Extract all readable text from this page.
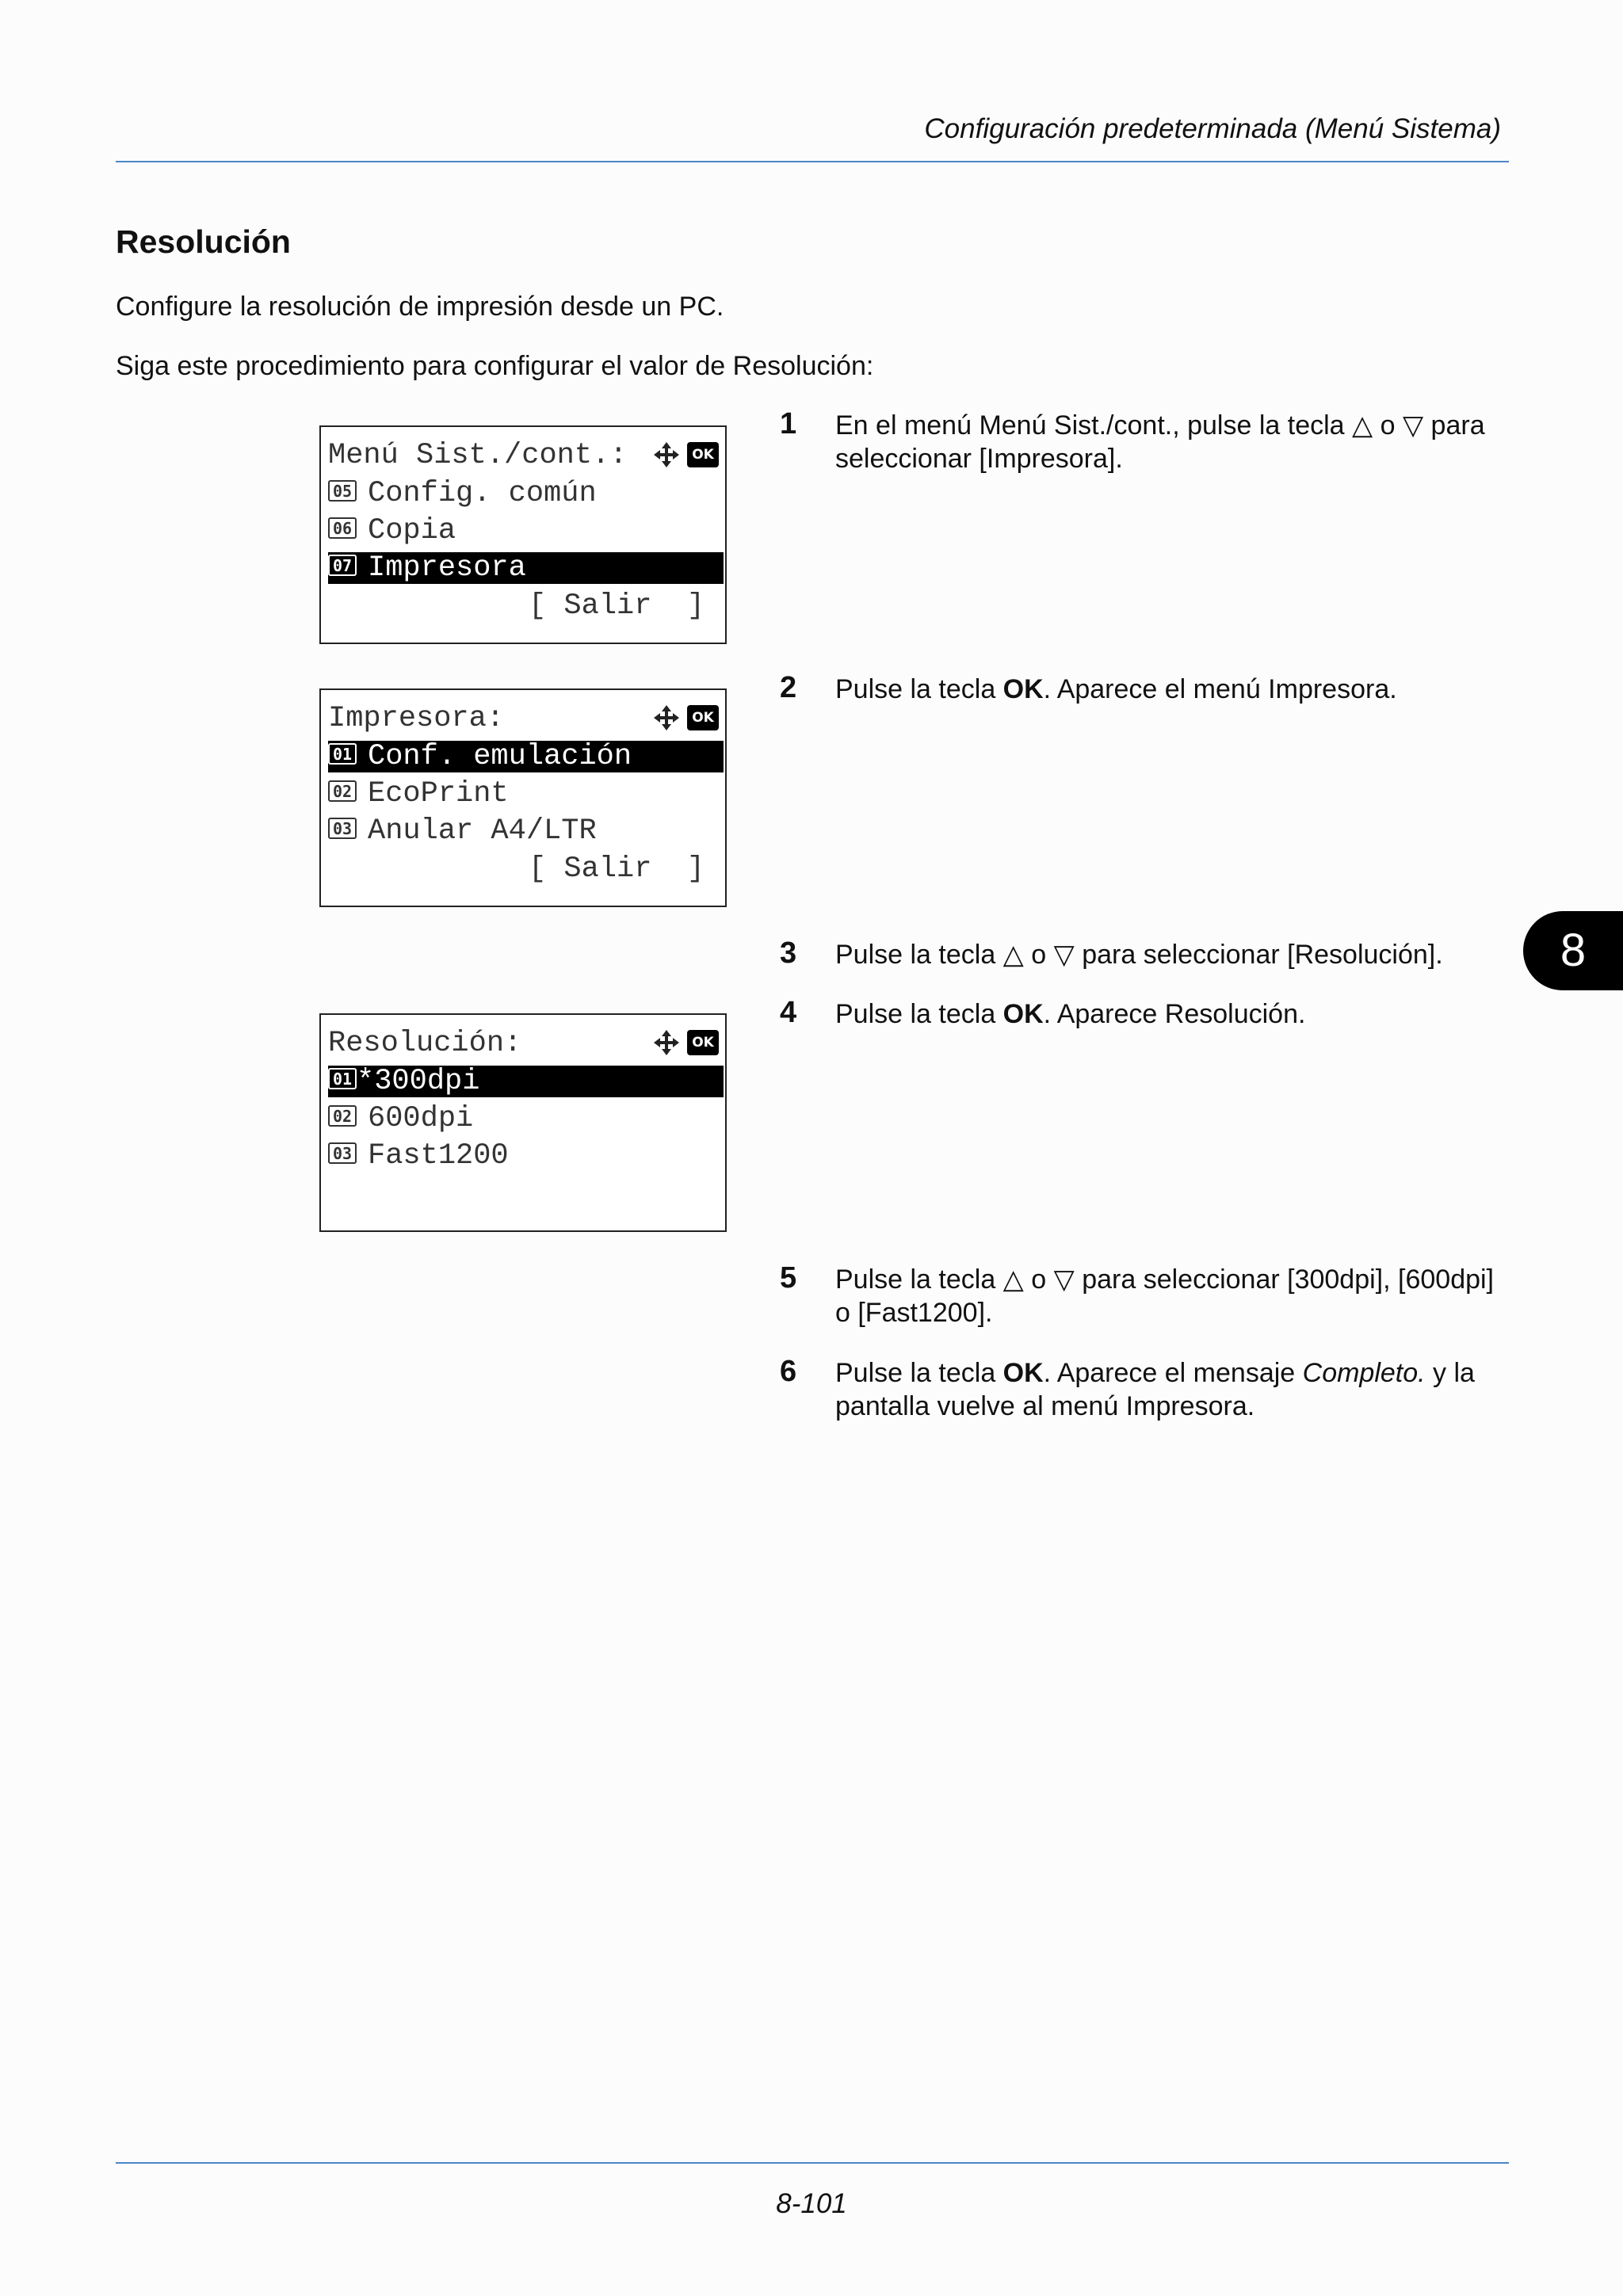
Configuración predeterminada (Menú Sistema)
Resolución
Configure la resolución de impresión desde un PC.
Siga este procedimiento para configurar el valor de Resolución:
Menú Sist./cont.:	OK
05 Config. común
06 Copia
07 Impresora
[ Salir  ]
Impresora:	OK
01 Conf. emulación
02 EcoPrint
03 Anular A4/LTR
[ Salir  ]
Resolución:	OK
01 *300dpi
02 600dpi
03 Fast1200
1 En el menú Menú Sist./cont., pulse la tecla △ o ▽ para seleccionar [Impresora].
2 Pulse la tecla OK. Aparece el menú Impresora.
3 Pulse la tecla △ o ▽ para seleccionar [Resolución].
4 Pulse la tecla OK. Aparece Resolución.
5 Pulse la tecla △ o ▽ para seleccionar [300dpi], [600dpi] o [Fast1200].
6 Pulse la tecla OK. Aparece el mensaje Completo. y la pantalla vuelve al menú Impresora.
8
8-101
